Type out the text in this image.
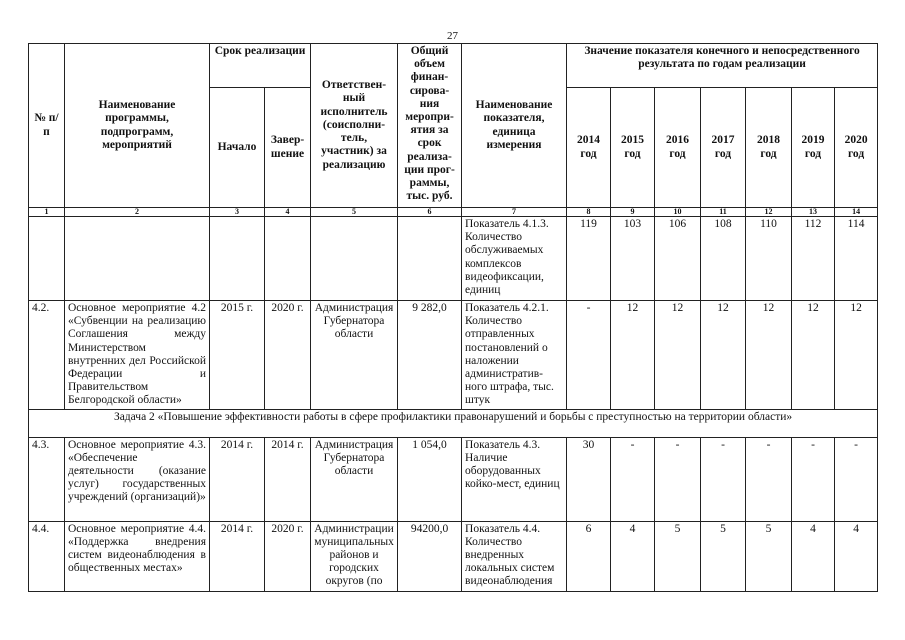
27
№ п/п	Наименование программы, подпрограмм, мероприятий	Срок реализации		Ответствен-ный исполнитель (соисполни-тель, участник) за реализацию	Общий объем финан-сирова-ния меропри-ятия за срок реализа-ции прог-раммы, тыс. руб.	Наименование показателя, единица измерения	Значение показателя конечного и непосредственного результата по годам реализации						
		Начало	Завер-шение				2014 год	2015 год	2016 год	2017 год	2018 год	2019 год	2020 год
1	2	3	4	5	6	7	8	9	10	11	12	13	14
						Показатель 4.1.3. Количество обслуживаемых комплексов видеофиксации, единиц	119	103	106	108	110	112	114
4.2.	Основное мероприятие 4.2 «Субвенции на реализацию Соглашения между Министерством внутренних дел Российской Федерации и Правительством Белгородской области»	2015 г.	2020 г.	Администрация Губернатора области	9 282,0	Показатель 4.2.1. Количество отправленных постановлений о наложении административ-ного штрафа, тыс. штук	-	12	12	12	12	12	12
Задача 2 «Повышение эффективности работы в сфере профилактики правонарушений и борьбы с преступностью на территории области»													
4.3.	Основное мероприятие 4.3. «Обеспечение деятельности (оказание услуг) государственных учреждений (организаций)»	2014 г.	2014 г.	Администрация Губернатора области	1 054,0	Показатель 4.3. Наличие оборудованных койко-мест, единиц	30	-	-	-	-	-	-
4.4.	Основное мероприятие 4.4. «Поддержка внедрения систем видеонаблюдения в общественных местах»	2014 г.	2020 г.	Администрации муниципальных районов и городских округов (по	94200,0	Показатель 4.4. Количество внедренных локальных систем видеонаблюдения	6	4	5	5	5	4	4
